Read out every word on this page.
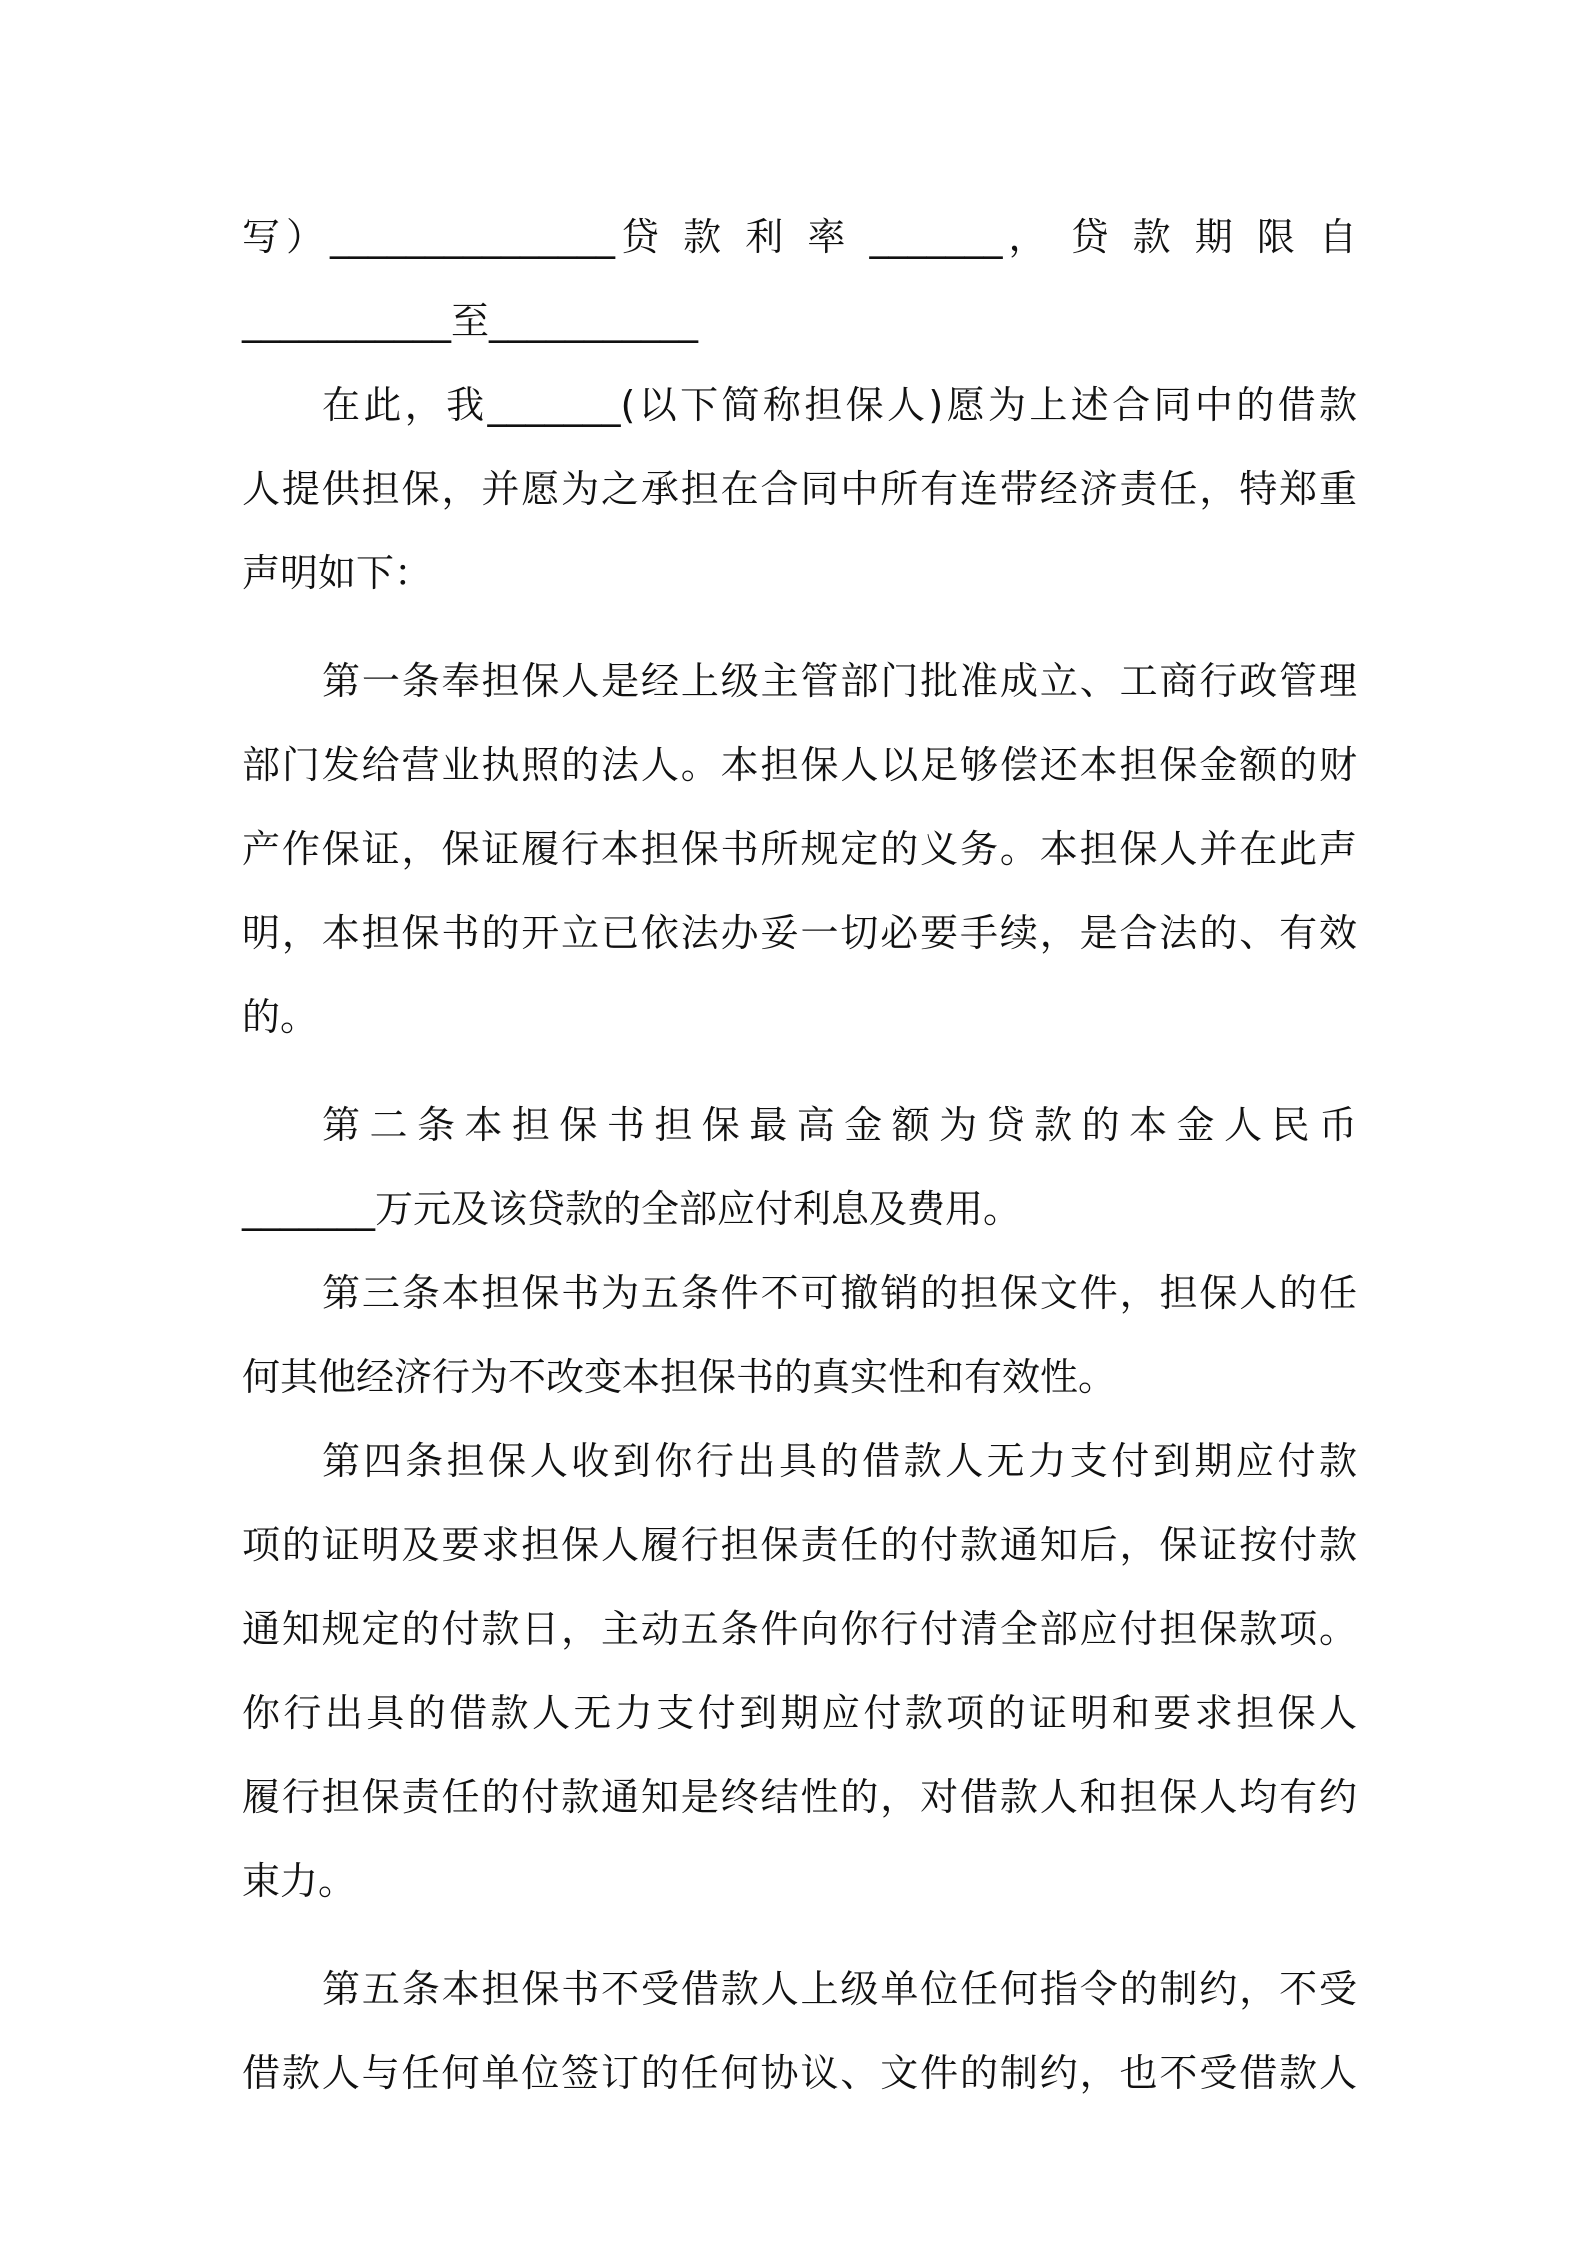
写）_______________贷 款 利 率 _______， 贷 款 期 限 自
___________至___________
在此，我_______(以下简称担保人)愿为上述合同中的借款
人提供担保，并愿为之承担在合同中所有连带经济责任，特郑重
声明如下：
第一条奉担保人是经上级主管部门批准成立、工商行政管理
部门发给营业执照的法人。本担保人以足够偿还本担保金额的财
产作保证，保证履行本担保书所规定的义务。本担保人并在此声
明，本担保书的开立已依法办妥一切必要手续，是合法的、有效
的。
第二条本担保书担保最高金额为贷款的本金人民币
_______万元及该贷款的全部应付利息及费用。
第三条本担保书为五条件不可撤销的担保文件，担保人的任
何其他经济行为不改变本担保书的真实性和有效性。
第四条担保人收到你行出具的借款人无力支付到期应付款
项的证明及要求担保人履行担保责任的付款通知后，保证按付款
通知规定的付款日，主动五条件向你行付清全部应付担保款项。
你行出具的借款人无力支付到期应付款项的证明和要求担保人
履行担保责任的付款通知是终结性的，对借款人和担保人均有约
束力。
第五条本担保书不受借款人上级单位任何指令的制约，不受
借款人与任何单位签订的任何协议、文件的制约，也不受借款人
